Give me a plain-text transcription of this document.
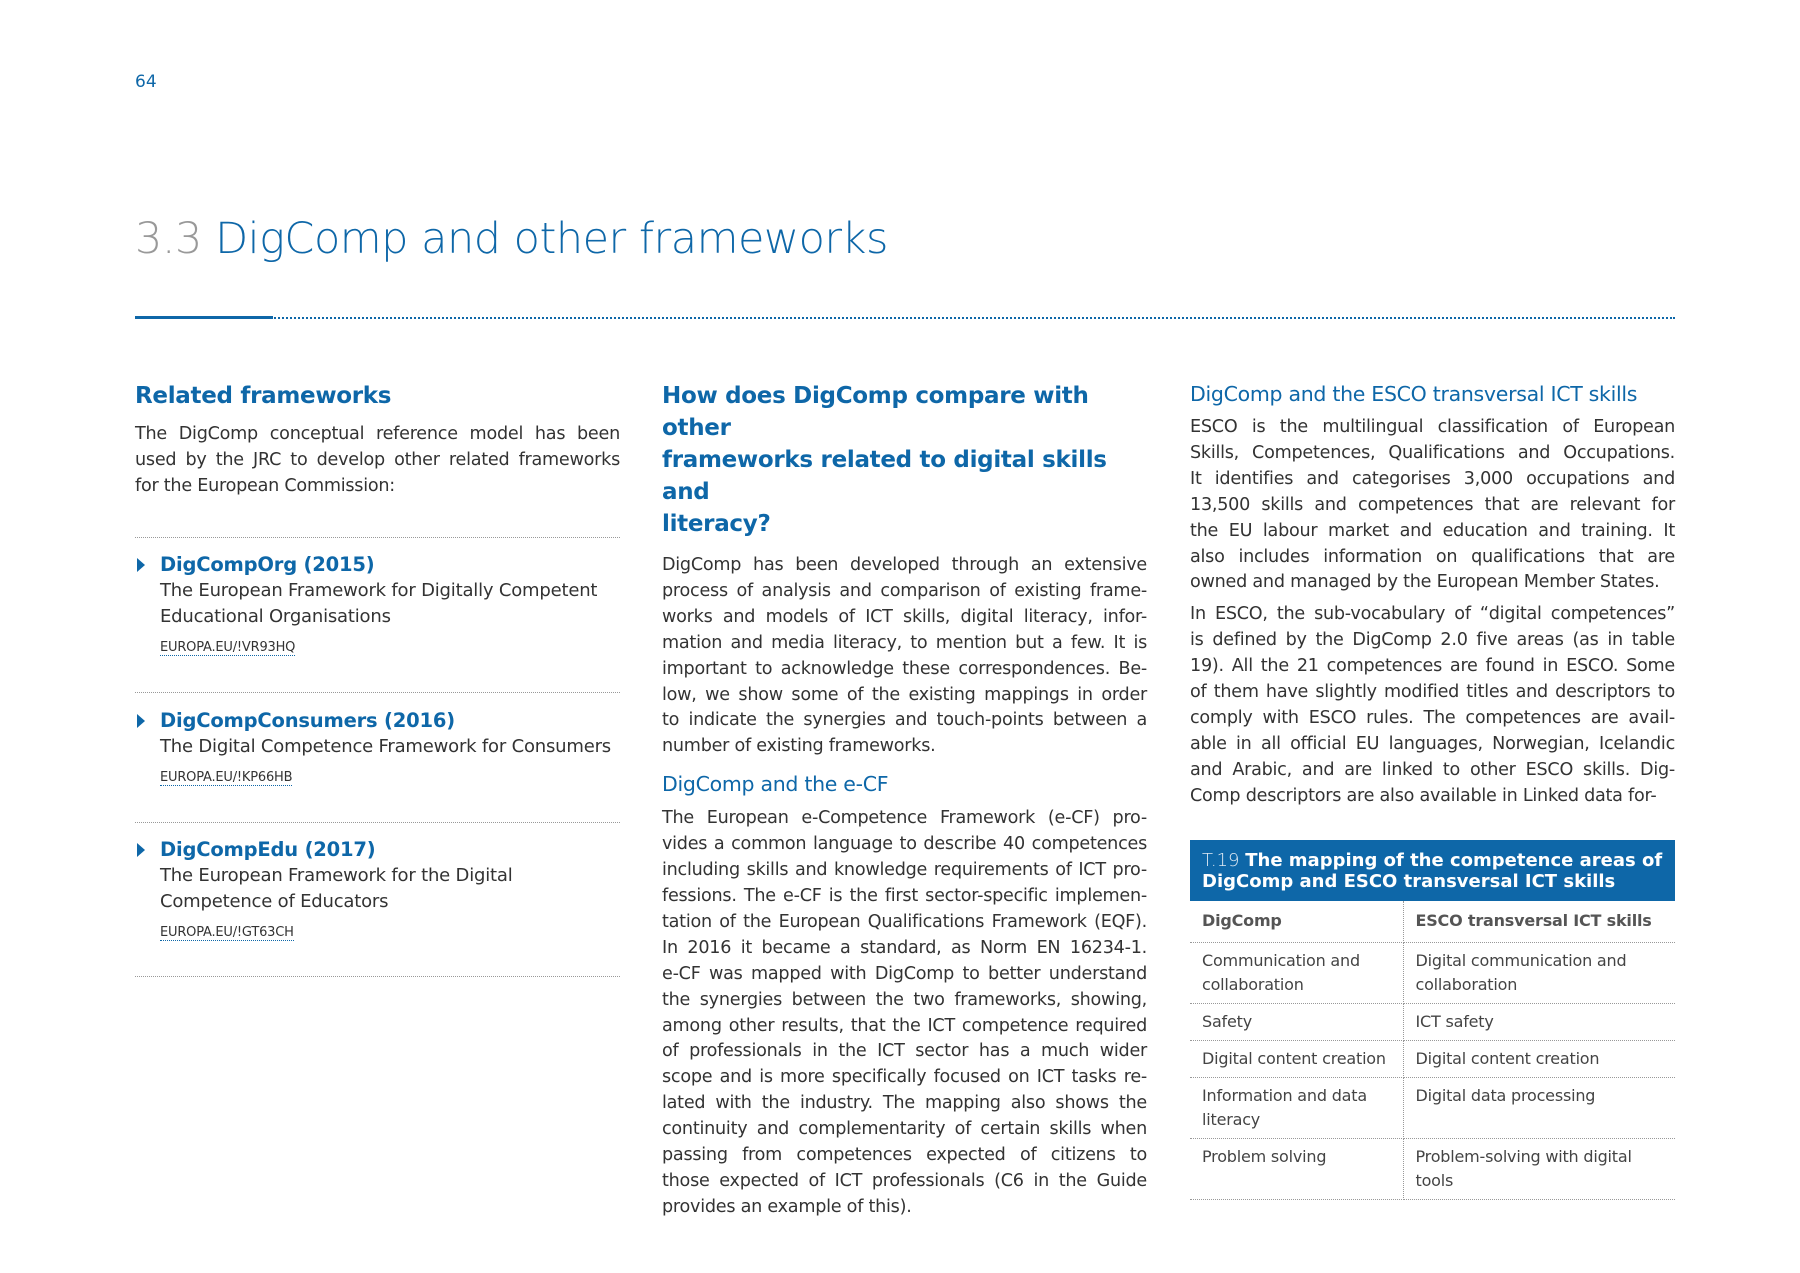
64
3.3 DigComp and other frameworks
Related frameworks
The DigComp conceptual reference model has been
used by the JRC to develop other related frameworks
for the European Commission:
DigCompOrg (2015)
The European Framework for Digitally Competent
Educational Organisations
EUROPA.EU/!VR93HQ
DigCompConsumers (2016)
The Digital Competence Framework for Consumers
EUROPA.EU/!KP66HB
DigCompEdu (2017)
The European Framework for the Digital
Competence of Educators
EUROPA.EU/!GT63CH
How does DigComp compare with other
frameworks related to digital skills and
literacy?
DigComp has been developed through an extensive
process of analysis and comparison of existing frame-
works and models of ICT skills, digital literacy, infor-
mation and media literacy, to mention but a few. It is
important to acknowledge these correspondences. Be-
low, we show some of the existing mappings in order
to indicate the synergies and touch-points between a
number of existing frameworks.
DigComp and the e-CF
The European e-Competence Framework (e-CF) pro-
vides a common language to describe 40 competences
including skills and knowledge requirements of ICT pro-
fessions. The e-CF is the first sector-specific implemen-
tation of the European Qualifications Framework (EQF).
In 2016 it became a standard, as Norm EN 16234-1.
e-CF was mapped with DigComp to better understand
the synergies between the two frameworks, showing,
among other results, that the ICT competence required
of professionals in the ICT sector has a much wider
scope and is more specifically focused on ICT tasks re-
lated with the industry. The mapping also shows the
continuity and complementarity of certain skills when
passing from competences expected of citizens to
those expected of ICT professionals (C6 in the Guide
provides an example of this).
DigComp and the ESCO transversal ICT skills
ESCO is the multilingual classification of European
Skills, Competences, Qualifications and Occupations.
It identifies and categorises 3,000 occupations and
13,500 skills and competences that are relevant for
the EU labour market and education and training. It
also includes information on qualifications that are
owned and managed by the European Member States.
In ESCO, the sub-vocabulary of “digital competences”
is defined by the DigComp 2.0 five areas (as in table
19). All the 21 competences are found in ESCO. Some
of them have slightly modified titles and descriptors to
comply with ESCO rules. The competences are avail-
able in all official EU languages, Norwegian, Icelandic
and Arabic, and are linked to other ESCO skills. Dig-
Comp descriptors are also available in Linked data for-
T.19 The mapping of the competence areas of DigComp and ESCO transversal ICT skills
DigComp	ESCO transversal ICT skills
Communication and collaboration	Digital communication and collaboration
Safety	ICT safety
Digital content creation	Digital content creation
Information and data literacy	Digital data processing
Problem solving	Problem-solving with digital tools
